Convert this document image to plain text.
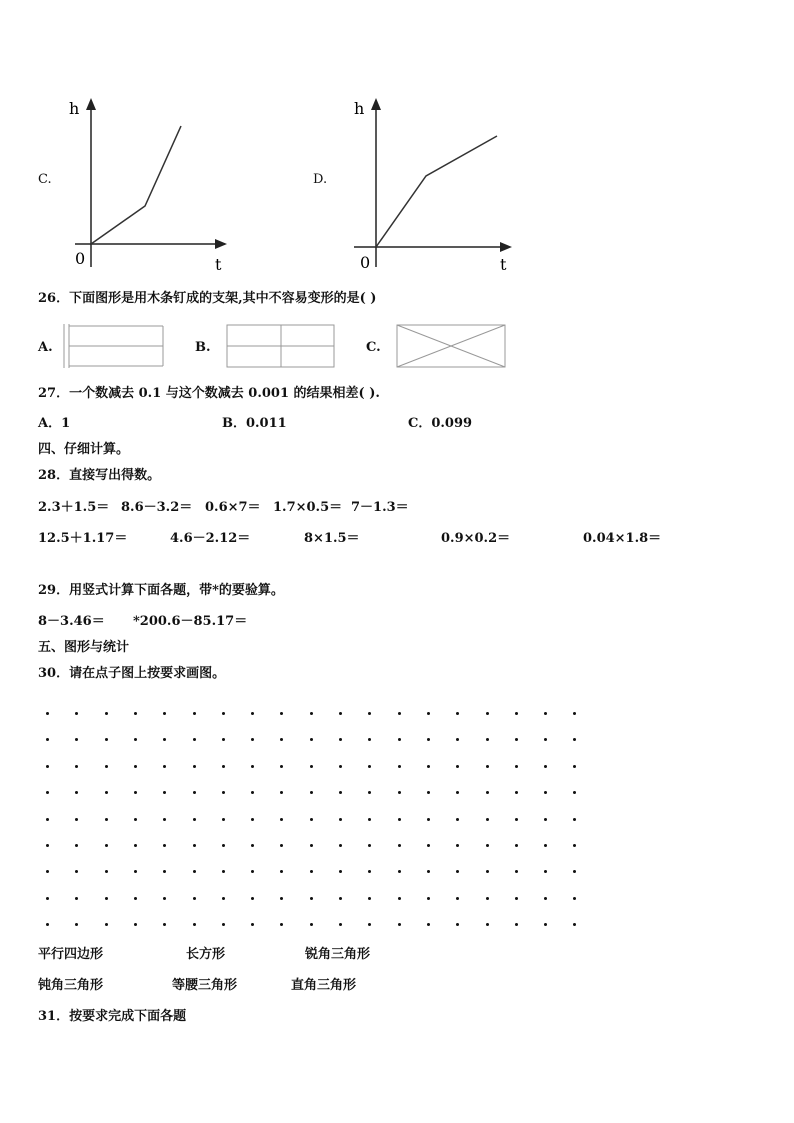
C.
h
t
0
D.
h
t
0
26．下面图形是用木条钉成的支架,其中不容易变形的是( )
A.	B.	C.
27．一个数减去 0.1 与这个数减去 0.001 的结果相差( ).
A．1	B．0.011	C．0.099
四、仔细计算。
28．直接写出得数。
2.3＋1.5＝ 8.6－3.2＝ 0.6×7＝ 1.7×0.5＝ 7－1.3＝
12.5＋1.17＝	4.6－2.12＝	8×1.5＝	0.9×0.2＝	0.04×1.8＝
29．用竖式计算下面各题，带*的要验算。
8－3.46＝ *200.6－85.17＝
五、图形与统计
30．请在点子图上按要求画图。
平行四边形	长方形	锐角三角形
钝角三角形	等腰三角形	直角三角形
31．按要求完成下面各题
